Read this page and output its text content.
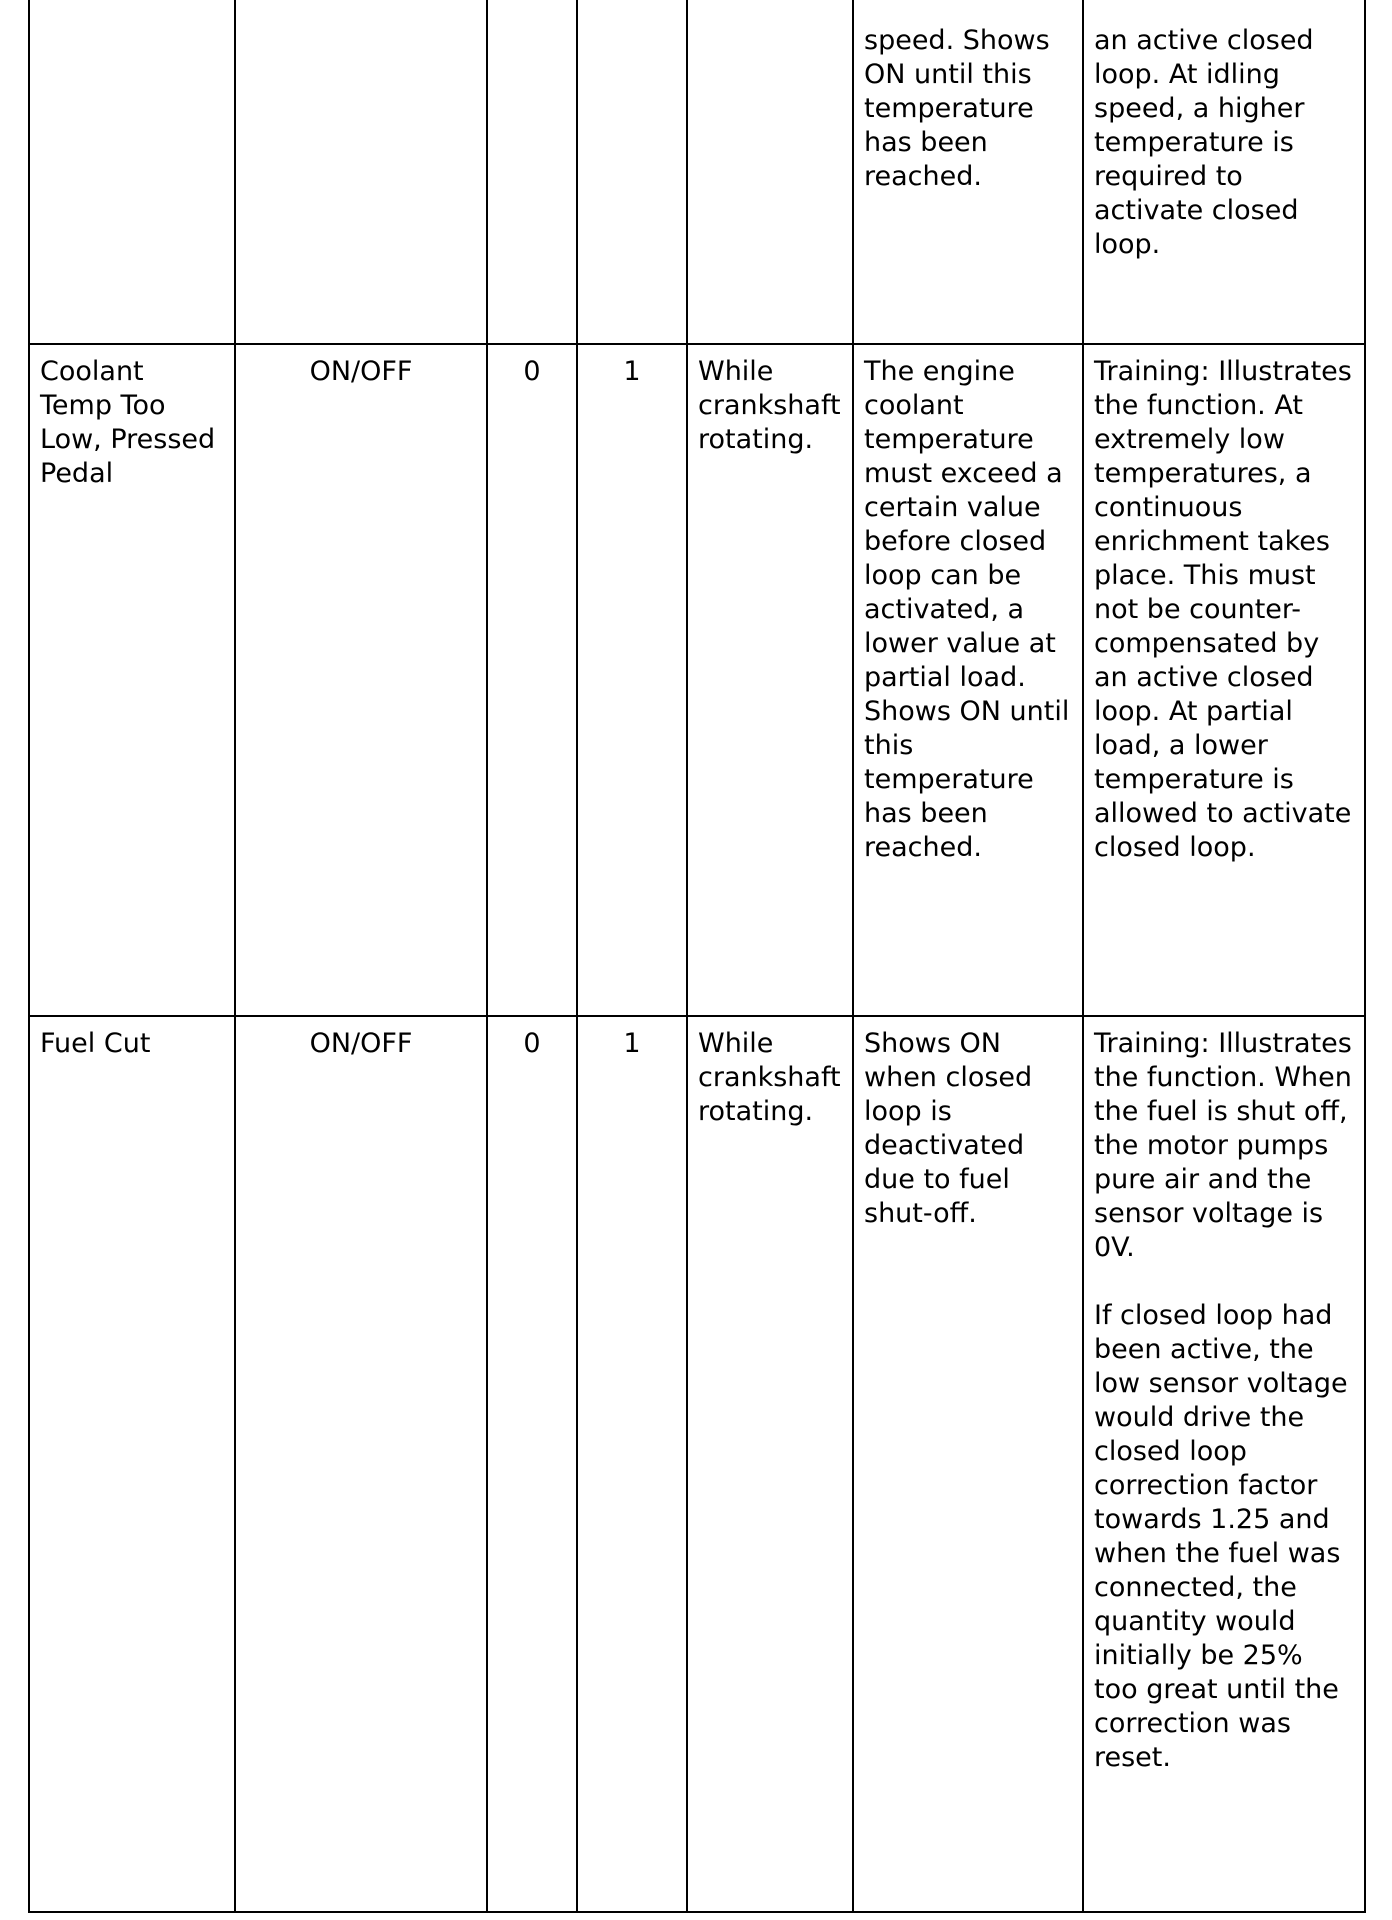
					speed. Shows ON until this temperature has been reached.	an active closed loop. At idling speed, a higher temperature is required to activate closed loop.

Coolant Temp Too Low, Pressed Pedal	ON/OFF	0	1	While crankshaft rotating.	The engine coolant temperature must exceed a certain value before closed loop can be activated, a lower value at partial load. Shows ON until this temperature has been reached.	Training: Illustrates the function. At extremely low temperatures, a continuous enrichment takes place. This must not be counter-compensated by an active closed loop. At partial load, a lower temperature is allowed to activate closed loop.

Fuel Cut	ON/OFF	0	1	While crankshaft rotating.	Shows ON when closed loop is deactivated due to fuel shut-off.	Training: Illustrates the function. When the fuel is shut off, the motor pumps pure air and the sensor voltage is 0V.
If closed loop had been active, the low sensor voltage would drive the closed loop correction factor towards 1.25 and when the fuel was connected, the quantity would initially be 25% too great until the correction was reset.
